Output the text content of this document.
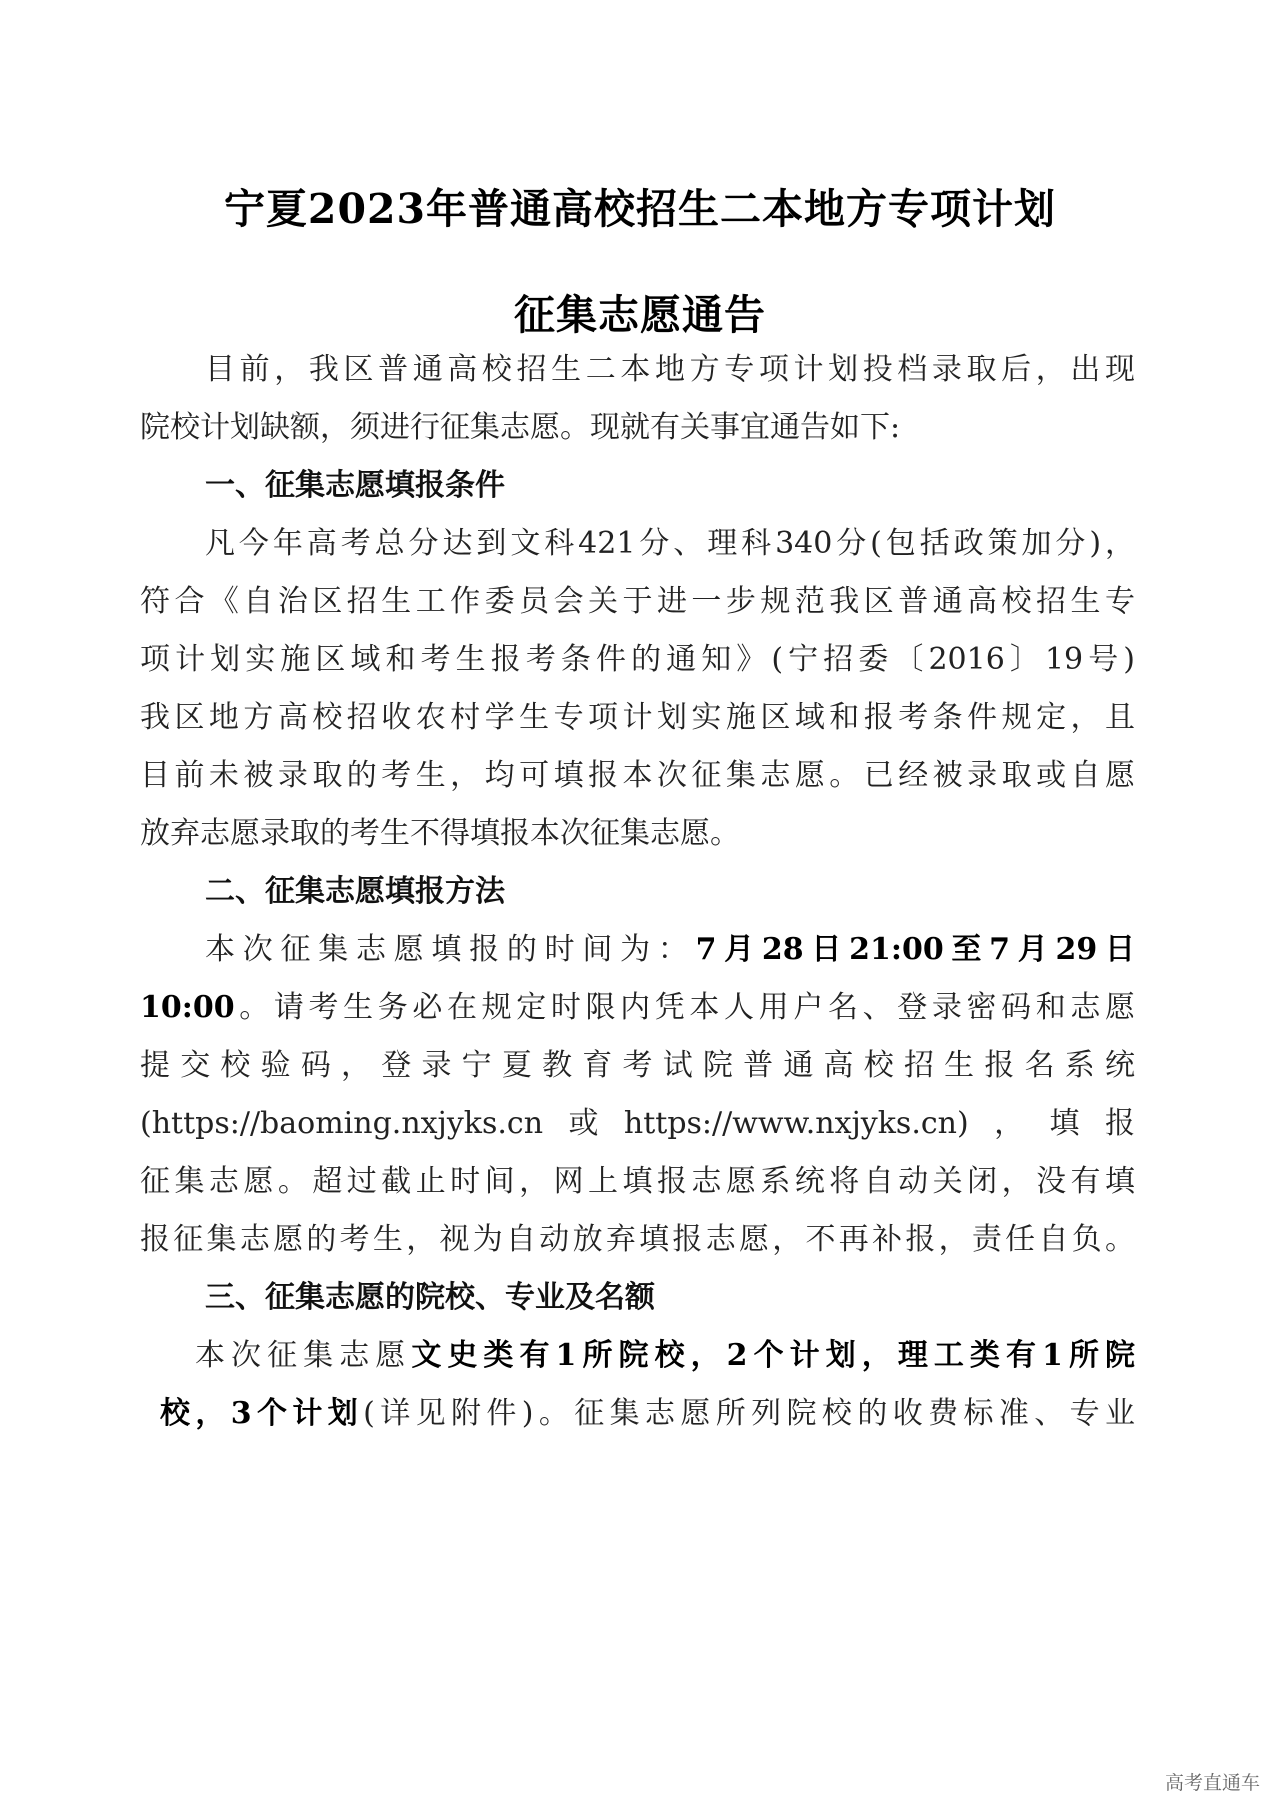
宁夏2023年普通高校招生二本地方专项计划
征集志愿通告
目前，我区普通高校招生二本地方专项计划投档录取后，出现
院校计划缺额，须进行征集志愿。现就有关事宜通告如下:
一、征集志愿填报条件
凡今年高考总分达到文科421分、理科340分(包括政策加分)，
符合《自治区招生工作委员会关于进一步规范我区普通高校招生专
项计划实施区域和考生报考条件的通知》(宁招委〔2016〕19号)
我区地方高校招收农村学生专项计划实施区域和报考条件规定，且
目前未被录取的考生，均可填报本次征集志愿。已经被录取或自愿
放弃志愿录取的考生不得填报本次征集志愿。
二、征集志愿填报方法
本次征集志愿填报的时间为：7月28日21:00至7月29日
10:00。请考生务必在规定时限内凭本人用户名、登录密码和志愿
提交校验码，登录宁夏教育考试院普通高校招生报名系统
(https://baoming.nxjyks.cn或https://www.nxjyks.cn)，填报
征集志愿。超过截止时间，网上填报志愿系统将自动关闭，没有填
报征集志愿的考生，视为自动放弃填报志愿，不再补报，责任自负。
三、征集志愿的院校、专业及名额
本次征集志愿文史类有1所院校，2个计划，理工类有1所院
校，3个计划(详见附件)。征集志愿所列院校的收费标准、专业
高考直通车
